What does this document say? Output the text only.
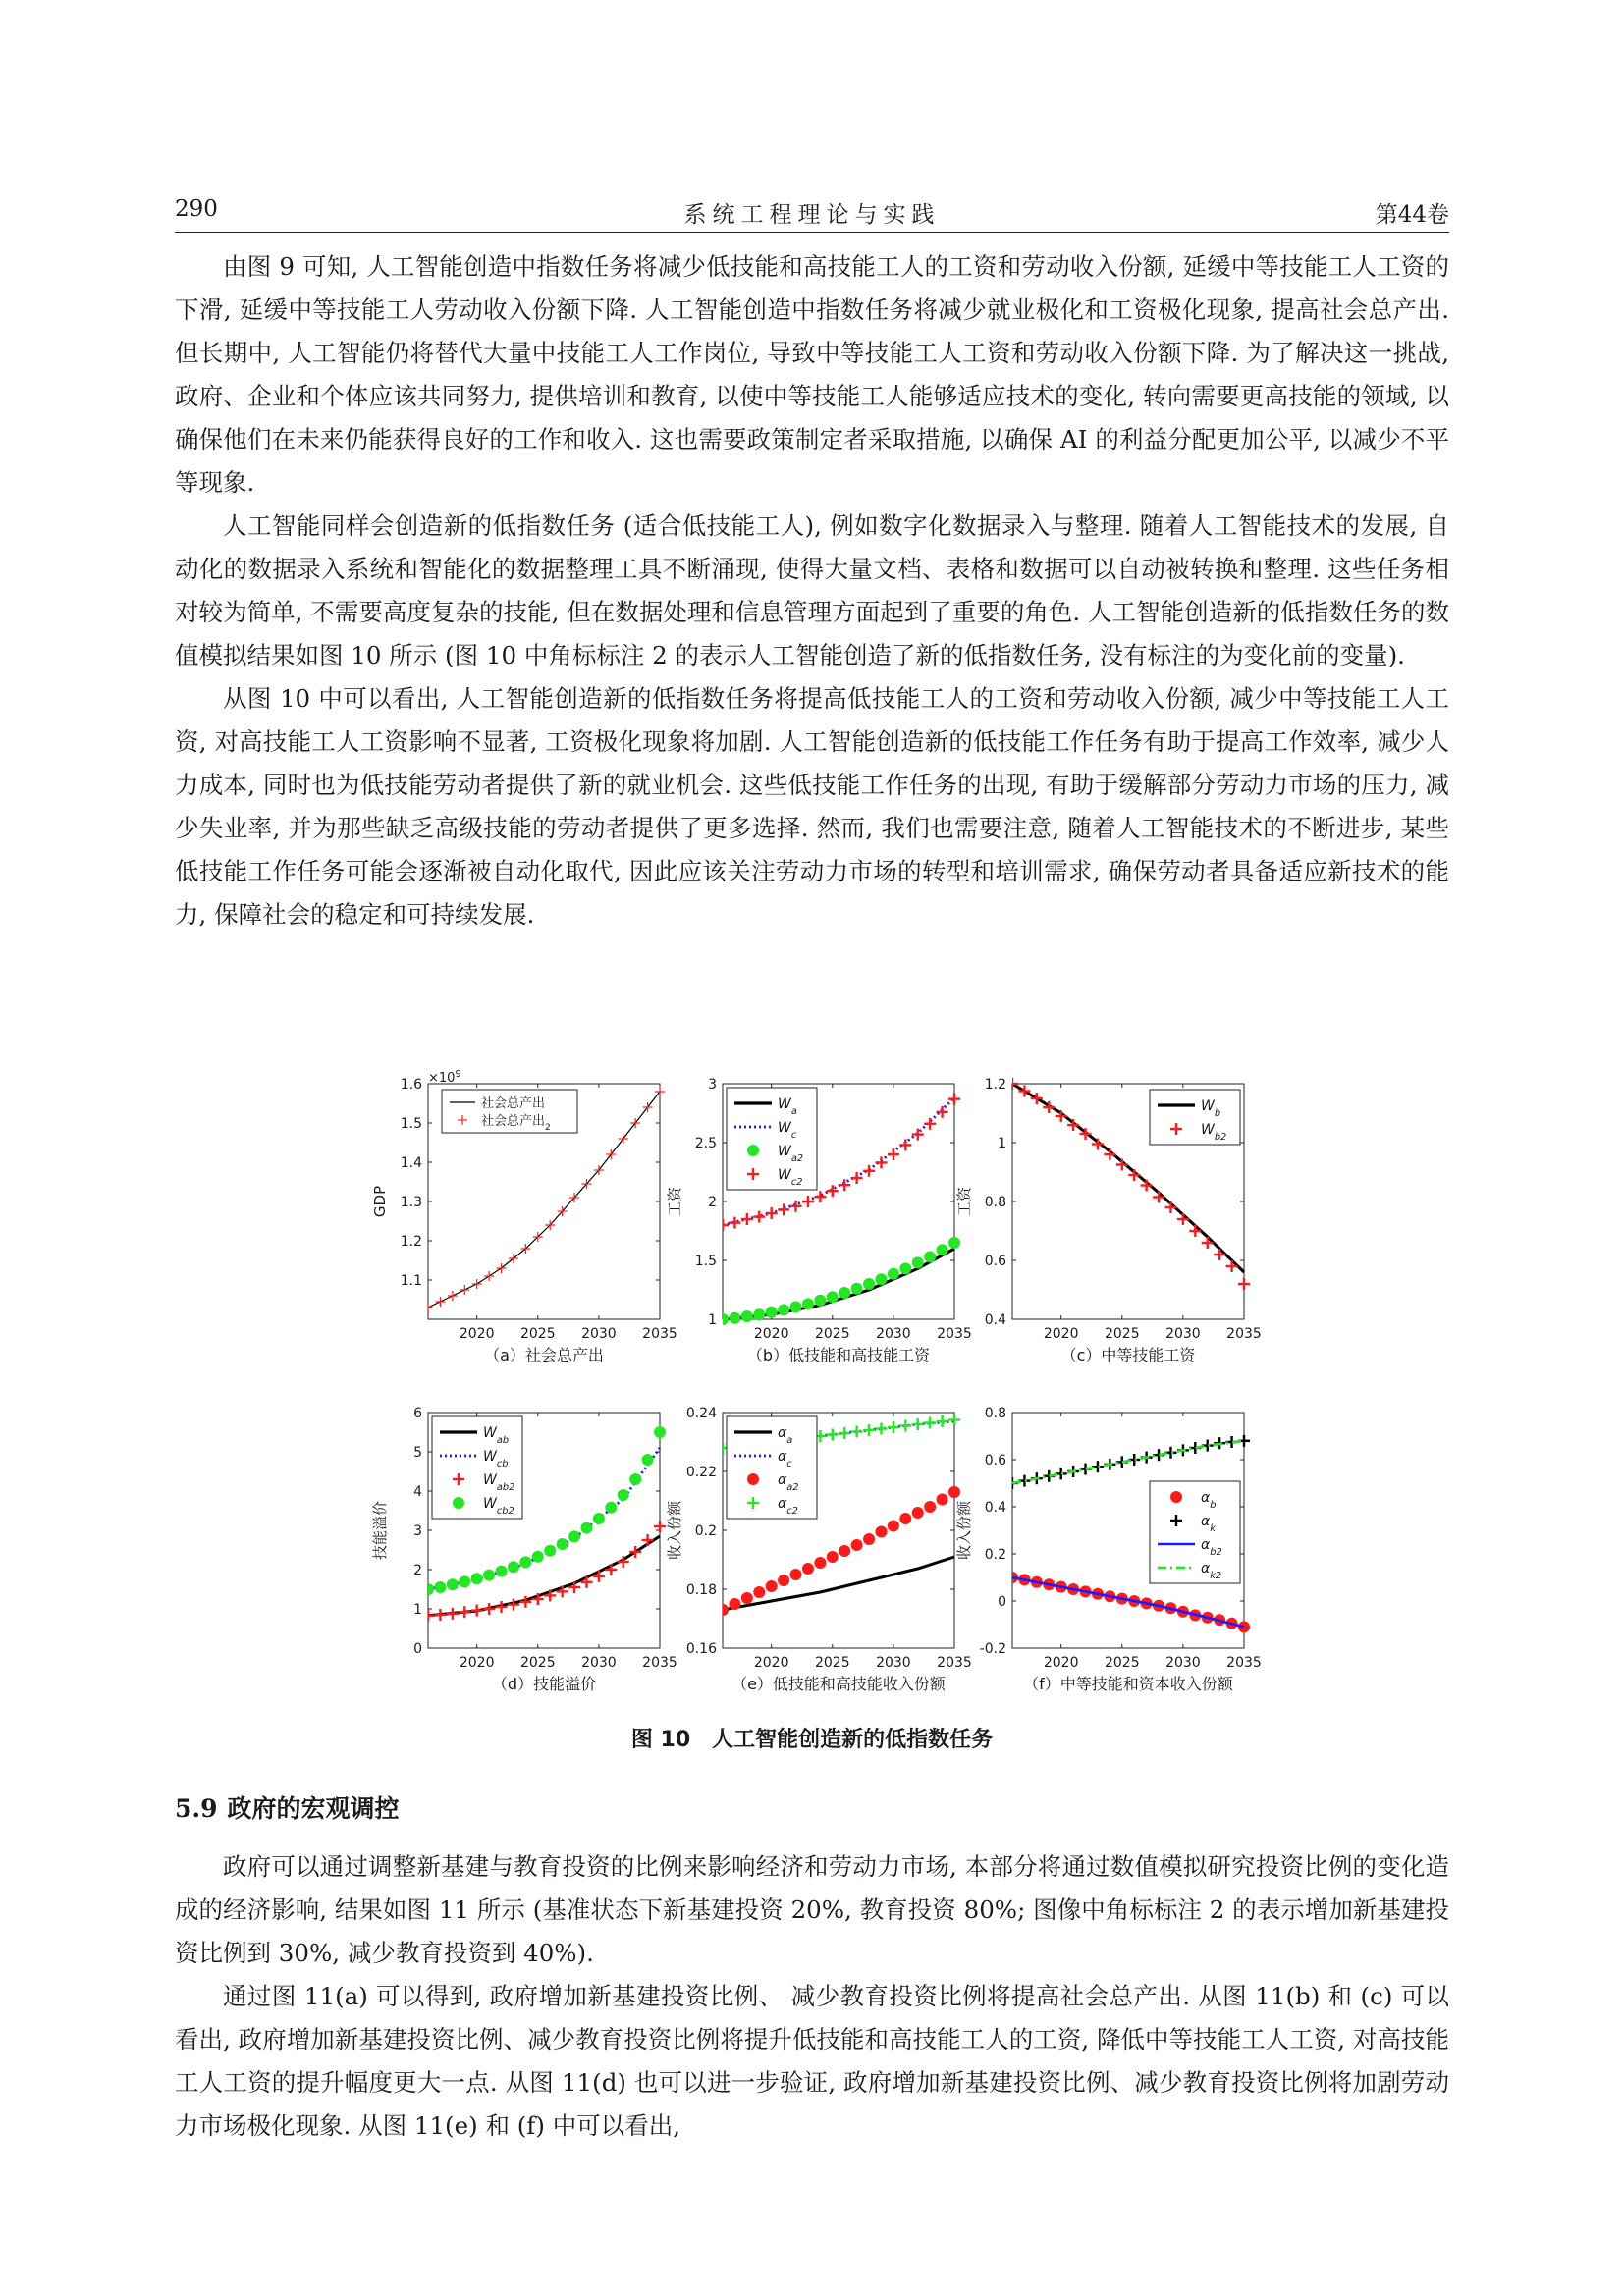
290	系统工程理论与实践	第44卷

由图 9 可知, 人工智能创造中指数任务将减少低技能和高技能工人的工资和劳动收入份额, 延缓中等技能工人工资的下滑, 延缓中等技能工人劳动收入份额下降. 人工智能创造中指数任务将减少就业极化和工资极化现象, 提高社会总产出. 但长期中, 人工智能仍将替代大量中技能工人工作岗位, 导致中等技能工人工资和劳动收入份额下降. 为了解决这一挑战, 政府、企业和个体应该共同努力, 提供培训和教育, 以使中等技能工人能够适应技术的变化, 转向需要更高技能的领域, 以确保他们在未来仍能获得良好的工作和收入. 这也需要政策制定者采取措施, 以确保 AI 的利益分配更加公平, 以减少不平等现象.

人工智能同样会创造新的低指数任务 (适合低技能工人), 例如数字化数据录入与整理. 随着人工智能技术的发展, 自动化的数据录入系统和智能化的数据整理工具不断涌现, 使得大量文档、表格和数据可以自动被转换和整理. 这些任务相对较为简单, 不需要高度复杂的技能, 但在数据处理和信息管理方面起到了重要的角色. 人工智能创造新的低指数任务的数值模拟结果如图 10 所示 (图 10 中角标标注 2 的表示人工智能创造了新的低指数任务, 没有标注的为变化前的变量).

从图 10 中可以看出, 人工智能创造新的低指数任务将提高低技能工人的工资和劳动收入份额, 减少中等技能工人工资, 对高技能工人工资影响不显著, 工资极化现象将加剧. 人工智能创造新的低技能工作任务有助于提高工作效率, 减少人力成本, 同时也为低技能劳动者提供了新的就业机会. 这些低技能工作任务的出现, 有助于缓解部分劳动力市场的压力, 减少失业率, 并为那些缺乏高级技能的劳动者提供了更多选择. 然而, 我们也需要注意, 随着人工智能技术的不断进步, 某些低技能工作任务可能会逐渐被自动化取代, 因此应该关注劳动力市场的转型和培训需求, 确保劳动者具备适应新技术的能力, 保障社会的稳定和可持续发展.

2020 2025 2030 2035
1.1
1.2
1.3
1.4
1.5
$1.6 \times 10^9$
GDP
社会总产出
社会总产出$_2$
（a）社会总产出
2020 2025 2030 2035
1
1.5
2
2.5
3
工资
$W_a$
$W_c$
$W_{a2}$
$W_{c2}$
（b）低技能和高技能工资
2020 2025 2030 2035
0.4
0.6
0.8
1
1.2
工资
$W_b$
$W_{b2}$
（c）中等技能工资
2020 2025 2030 2035
0
1
2
3
4
5
6
技能溢价
$W_{ab}$
$W_{cb}$
$W_{ab2}$
$W_{cb2}$
（d）技能溢价
2020 2025 2030 2035
0.16
0.18
0.2
0.22
0.24
收入份额
$\alpha_a$
$\alpha_c$
$\alpha_{a2}$
$\alpha_{c2}$
（e）低技能和高技能收入份额
2020 2025 2030 2035
-0.2
0
0.2
0.4
0.6
0.8
收入份额
$\alpha_b$
$\alpha_k$
$\alpha_{b2}$
$\alpha_{k2}$
（f）中等技能和资本收入份额
图 10　人工智能创造新的低指数任务
5.9 政府的宏观调控

政府可以通过调整新基建与教育投资的比例来影响经济和劳动力市场, 本部分将通过数值模拟研究投资比例的变化造成的经济影响, 结果如图 11 所示 (基准状态下新基建投资 20%, 教育投资 80%; 图像中角标标注 2 的表示增加新基建投资比例到 30%, 减少教育投资到 40%).

通过图 11(a) 可以得到, 政府增加新基建投资比例、 减少教育投资比例将提高社会总产出. 从图 11(b) 和 (c) 可以看出, 政府增加新基建投资比例、减少教育投资比例将提升低技能和高技能工人的工资, 降低中等技能工人工资, 对高技能工人工资的提升幅度更大一点. 从图 11(d) 也可以进一步验证, 政府增加新基建投资比例、减少教育投资比例将加剧劳动力市场极化现象. 从图 11(e) 和 (f) 中可以看出,
